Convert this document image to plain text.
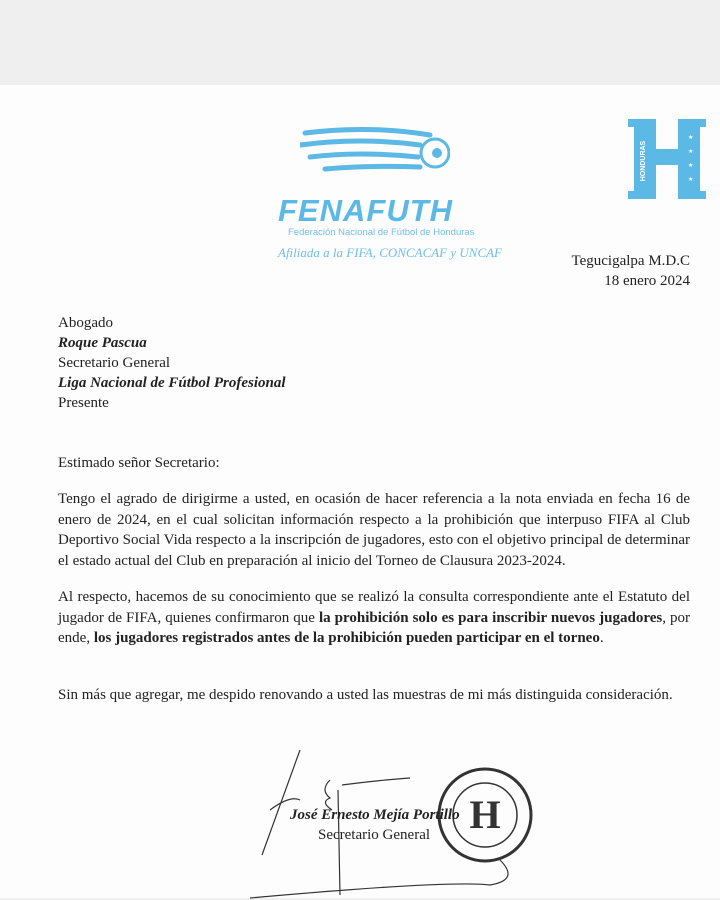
FENAFUTH
Federación Nacional de Fútbol de Honduras
Afiliada a la FIFA, CONCACAF y UNCAF
HONDURAS
★
★
★
★
Tegucigalpa M.D.C
18 enero 2024
Abogado
Roque Pascua
Secretario General
Liga Nacional de Fútbol Profesional
Presente
Estimado señor Secretario:
Tengo el agrado de dirigirme a usted, en ocasión de hacer referencia a la nota enviada en fecha 16 de enero de 2024, en el cual solicitan información respecto a la prohibición que interpuso FIFA al Club Deportivo Social Vida respecto a la inscripción de jugadores, esto con el objetivo principal de determinar el estado actual del Club en preparación al inicio del Torneo de Clausura 2023-2024.
Al respecto, hacemos de su conocimiento que se realizó la consulta correspondiente ante el Estatuto del jugador de FIFA, quienes confirmaron que la prohibición solo es para inscribir nuevos jugadores, por ende, los jugadores registrados antes de la prohibición pueden participar en el torneo.
Sin más que agregar, me despido renovando a usted las muestras de mi más distinguida consideración.
H
José Ernesto Mejía Portillo
Secretario General
